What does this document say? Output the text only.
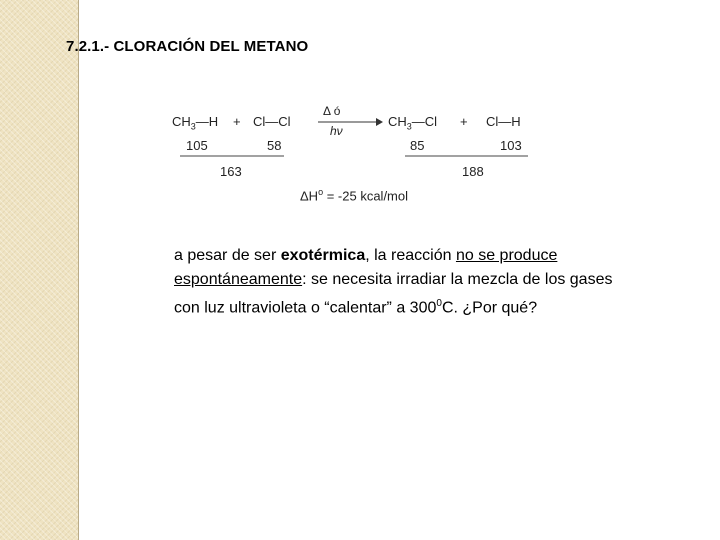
7.2.1.- CLORACIÓN DEL METANO
$CH_3—H$ + Cl—Cl
Δ ó
hν
$CH_3—Cl$ + Cl—H
105	58	85	103
163	188
$\Delta H^o = -25$ kcal/mol
a pesar de ser exotérmica, la reacción no se produce espontáneamente: se necesita irradiar la mezcla de los gases con luz ultravioleta o “calentar” a $300^0C$. ¿Por qué?
